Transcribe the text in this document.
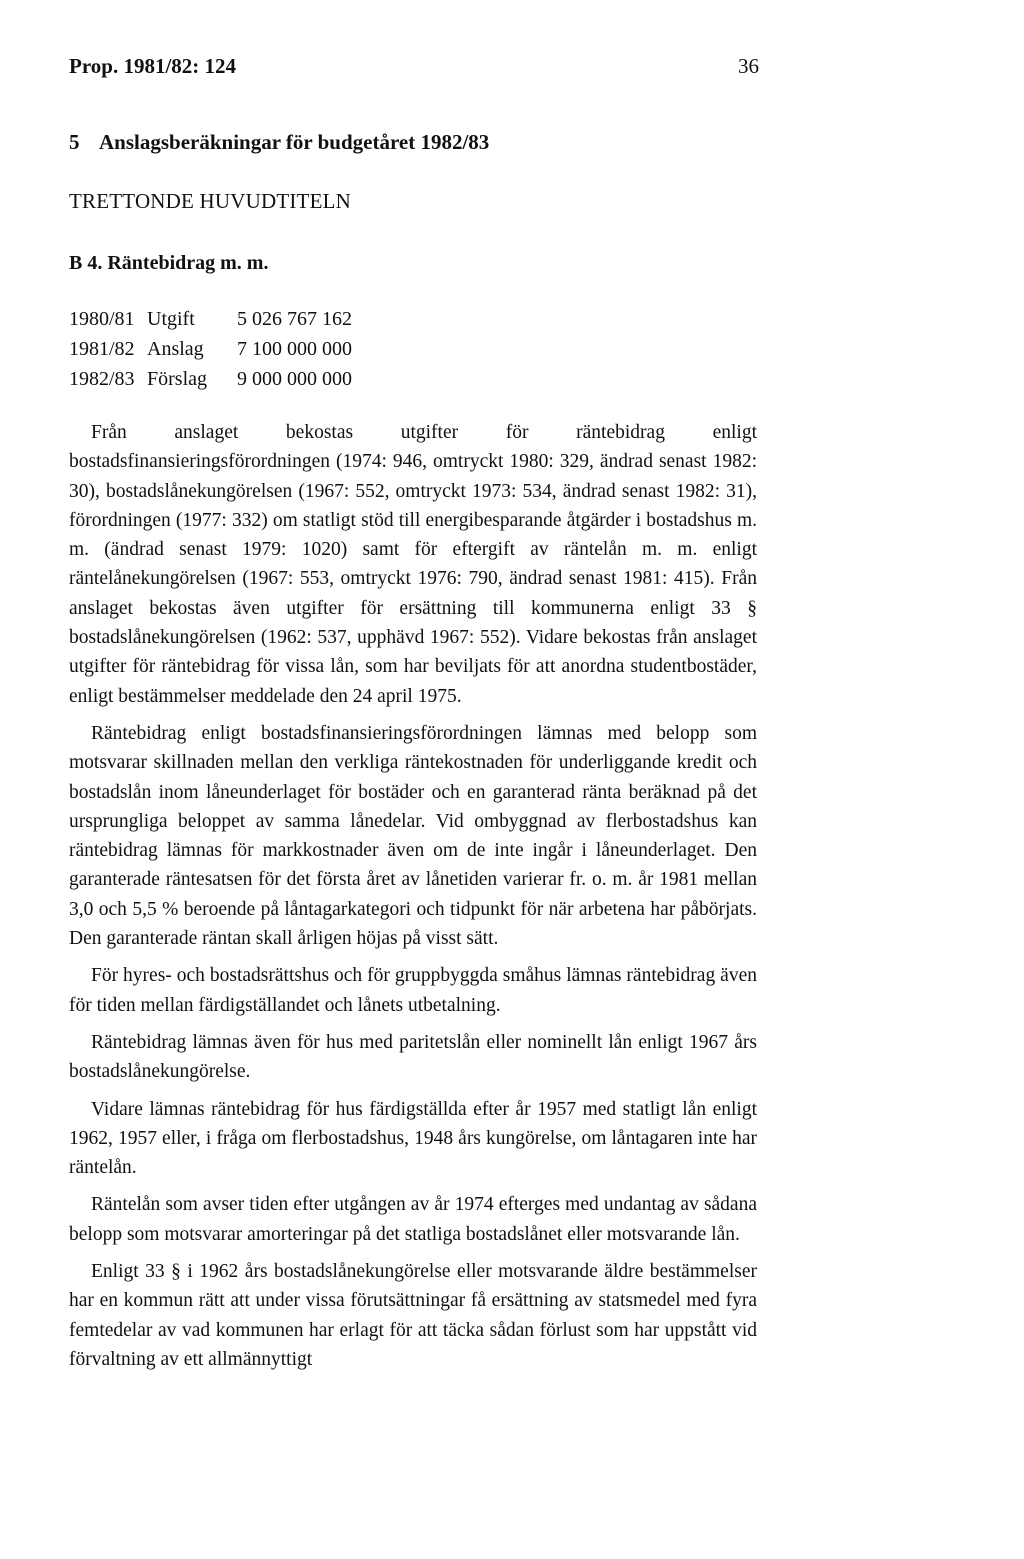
Prop. 1981/82: 124	36
5 Anslagsberäkningar för budgetåret 1982/83
TRETTONDE HUVUDTITELN
B 4. Räntebidrag m. m.
1980/81 Utgift	5 026 767 162
1981/82 Anslag	7 100 000 000
1982/83 Förslag	9 000 000 000

Från anslaget bekostas utgifter för räntebidrag enligt bostadsfinansieringsförordningen (1974: 946, omtryckt 1980: 329, ändrad senast 1982: 30), bostadslånekungörelsen (1967: 552, omtryckt 1973: 534, ändrad senast 1982: 31), förordningen (1977: 332) om statligt stöd till energibesparande åtgärder i bostadshus m. m. (ändrad senast 1979: 1020) samt för eftergift av räntelån m. m. enligt räntelånekungörelsen (1967: 553, omtryckt 1976: 790, ändrad senast 1981: 415). Från anslaget bekostas även utgifter för ersättning till kommunerna enligt 33 § bostadslånekungörelsen (1962: 537, upphävd 1967: 552). Vidare bekostas från anslaget utgifter för räntebidrag för vissa lån, som har beviljats för att anordna studentbostäder, enligt bestämmelser meddelade den 24 april 1975.

Räntebidrag enligt bostadsfinansieringsförordningen lämnas med belopp som motsvarar skillnaden mellan den verkliga räntekostnaden för underliggande kredit och bostadslån inom låneunderlaget för bostäder och en garanterad ränta beräknad på det ursprungliga beloppet av samma lånedelar. Vid ombyggnad av flerbostadshus kan räntebidrag lämnas för markkostnader även om de inte ingår i låneunderlaget. Den garanterade räntesatsen för det första året av lånetiden varierar fr. o. m. år 1981 mellan 3,0 och 5,5 % beroende på låntagarkategori och tidpunkt för när arbetena har påbörjats. Den garanterade räntan skall årligen höjas på visst sätt.

För hyres- och bostadsrättshus och för gruppbyggda småhus lämnas räntebidrag även för tiden mellan färdigställandet och lånets utbetalning.

Räntebidrag lämnas även för hus med paritetslån eller nominellt lån enligt 1967 års bostadslånekungörelse.

Vidare lämnas räntebidrag för hus färdigställda efter år 1957 med statligt lån enligt 1962, 1957 eller, i fråga om flerbostadshus, 1948 års kungörelse, om låntagaren inte har räntelån.

Räntelån som avser tiden efter utgången av år 1974 efterges med undantag av sådana belopp som motsvarar amorteringar på det statliga bostadslånet eller motsvarande lån.

Enligt 33 § i 1962 års bostadslånekungörelse eller motsvarande äldre bestämmelser har en kommun rätt att under vissa förutsättningar få ersättning av statsmedel med fyra femtedelar av vad kommunen har erlagt för att täcka sådan förlust som har uppstått vid förvaltning av ett allmännyttigt
